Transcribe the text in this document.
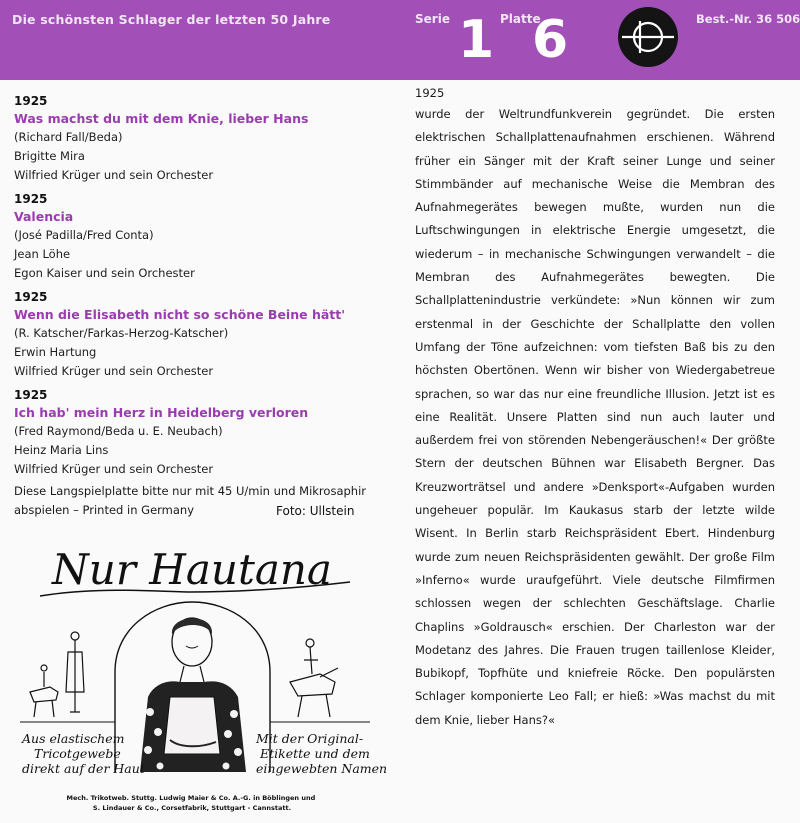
Die schönsten Schlager der letzten 50 Jahre	Serie 1 Platte
6	Best.-Nr. 36 506
1925
Was machst du mit dem Knie, lieber Hans
(Richard Fall/Beda)
Brigitte Mira
Wilfried Krüger und sein Orchester
1925
Valencia
(José Padilla/Fred Conta)
Jean Löhe
Egon Kaiser und sein Orchester
1925
Wenn die Elisabeth nicht so schöne Beine hätt'
(R. Katscher/Farkas-Herzog-Katscher)
Erwin Hartung
Wilfried Krüger und sein Orchester
1925
Ich hab' mein Herz in Heidelberg verloren
(Fred Raymond/Beda u. E. Neubach)
Heinz Maria Lins
Wilfried Krüger und sein Orchester
Diese Langspielplatte bitte nur mit 45 U/min und Mikrosaphir abspielen – Printed in Germany	Foto: Ullstein
Nur Hautana
Aus elastischem Tricotgewebe direkt auf der Haut
Mit der Original- Etikette und dem eingewebten Namen
Mech. Trikotweb. Stuttg. Ludwig Maier & Co. A.-G. in Böblingen und S. Lindauer & Co., Corsetfabrik, Stuttgart - Cannstatt.
1925
wurde der Weltrundfunkverein gegründet. Die ersten elektrischen Schallplattenaufnahmen erschienen. Während früher ein Sänger mit der Kraft seiner Lunge und seiner Stimmbänder auf mechanische Weise die Membran des Aufnahmegerätes bewegen mußte, wurden nun die Luftschwingungen in elektrische Energie umgesetzt, die wiederum – in mechanische Schwingungen verwandelt – die Membran des Aufnahmegerätes bewegten. Die Schallplattenindustrie verkündete: »Nun können wir zum erstenmal in der Geschichte der Schallplatte den vollen Umfang der Töne aufzeichnen: vom tiefsten Baß bis zu den höchsten Obertönen. Wenn wir bisher von Wiedergabetreue sprachen, so war das nur eine freundliche Illusion. Jetzt ist es eine Realität. Unsere Platten sind nun auch lauter und außerdem frei von störenden Nebengeräuschen!« Der größte Stern der deutschen Bühnen war Elisabeth Bergner. Das Kreuzworträtsel und andere »Denksport«-Aufgaben wurden ungeheuer populär. Im Kaukasus starb der letzte wilde Wisent. In Berlin starb Reichspräsident Ebert. Hindenburg wurde zum neuen Reichspräsidenten gewählt. Der große Film »Inferno« wurde uraufgeführt. Viele deutsche Filmfirmen schlossen wegen der schlechten Geschäftslage. Charlie Chaplins »Goldrausch« erschien. Der Charleston war der Modetanz des Jahres. Die Frauen trugen taillenlose Kleider, Bubikopf, Topfhüte und kniefreie Röcke. Den populärsten Schlager komponierte Leo Fall; er hieß: »Was machst du mit dem Knie, lieber Hans?«
